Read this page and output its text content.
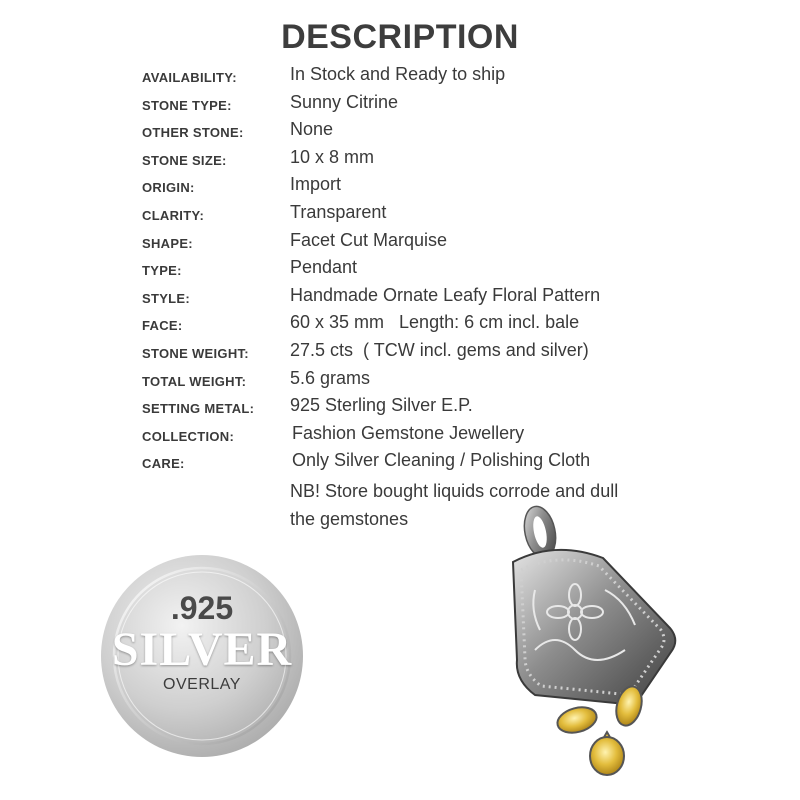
DESCRIPTION
AVAILABILITY:	In Stock and Ready to ship
STONE TYPE:	Sunny Citrine
OTHER STONE:	None
STONE SIZE:	10 x 8 mm
ORIGIN:	Import
CLARITY:	Transparent
SHAPE:	Facet Cut Marquise
TYPE:	Pendant
STYLE:	Handmade Ornate Leafy Floral Pattern
FACE:	60 x 35 mm   Length: 6 cm incl. bale
STONE WEIGHT: 27.5 cts  ( TCW incl. gems and silver)
TOTAL WEIGHT: 5.6 grams
SETTING METAL: 925 Sterling Silver E.P.
COLLECTION:	Fashion Gemstone Jewellery
CARE:	Only Silver Cleaning / Polishing Cloth
NB! Store bought liquids corrode and dull
the gemstones
.925
SILVER
OVERLAY
